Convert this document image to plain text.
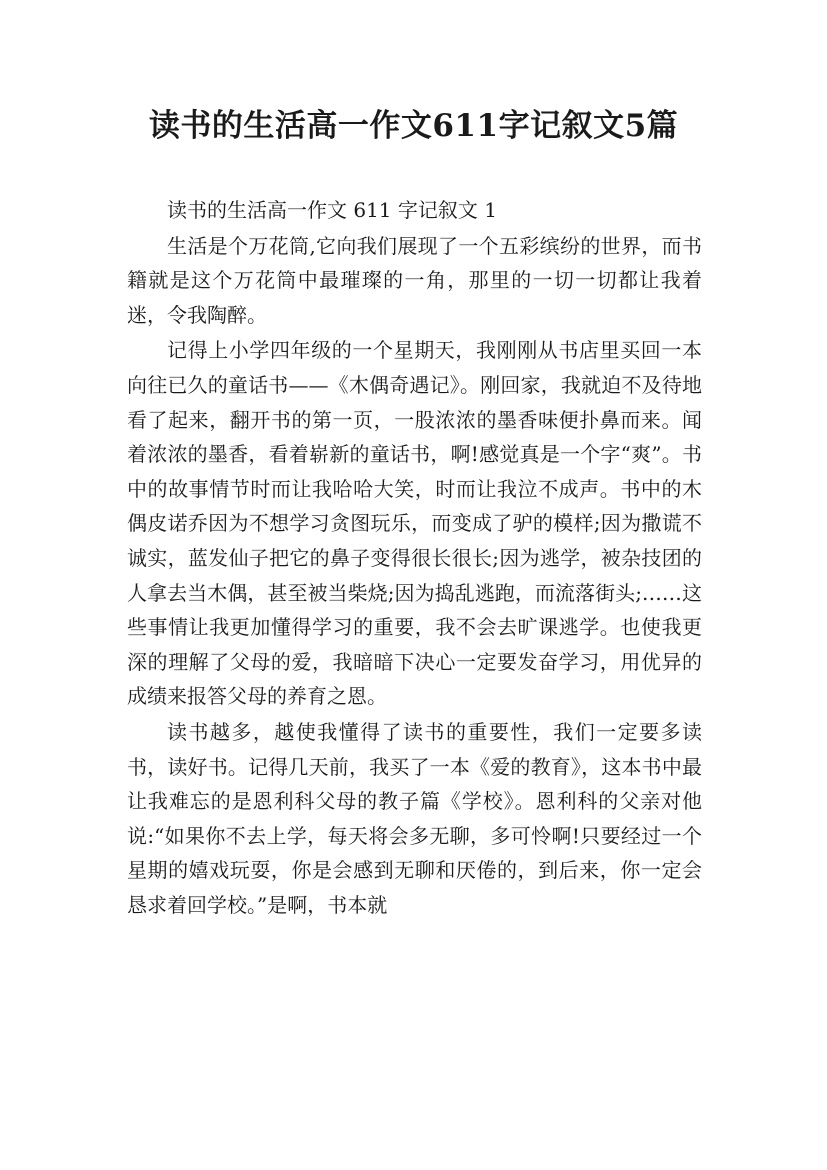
读书的生活高一作文611字记叙文5篇

读书的生活高一作文 611 字记叙文 1

生活是个万花筒,它向我们展现了一个五彩缤纷的世界，而书籍就是这个万花筒中最璀璨的一角，那里的一切一切都让我着迷，令我陶醉。

记得上小学四年级的一个星期天，我刚刚从书店里买回一本向往已久的童话书——《木偶奇遇记》。刚回家，我就迫不及待地看了起来，翻开书的第一页，一股浓浓的墨香味便扑鼻而来。闻着浓浓的墨香，看着崭新的童话书，啊!感觉真是一个字“爽”。书中的故事情节时而让我哈哈大笑，时而让我泣不成声。书中的木偶皮诺乔因为不想学习贪图玩乐，而变成了驴的模样;因为撒谎不诚实，蓝发仙子把它的鼻子变得很长很长;因为逃学，被杂技团的人拿去当木偶，甚至被当柴烧;因为捣乱逃跑，而流落街头;……这些事情让我更加懂得学习的重要，我不会去旷课逃学。也使我更深的理解了父母的爱，我暗暗下决心一定要发奋学习，用优异的成绩来报答父母的养育之恩。

读书越多，越使我懂得了读书的重要性，我们一定要多读书，读好书。记得几天前，我买了一本《爱的教育》，这本书中最让我难忘的是恩利科父母的教子篇《学校》。恩利科的父亲对他说:“如果你不去上学，每天将会多无聊，多可怜啊!只要经过一个星期的嬉戏玩耍，你是会感到无聊和厌倦的，到后来，你一定会恳求着回学校。”是啊，书本就
